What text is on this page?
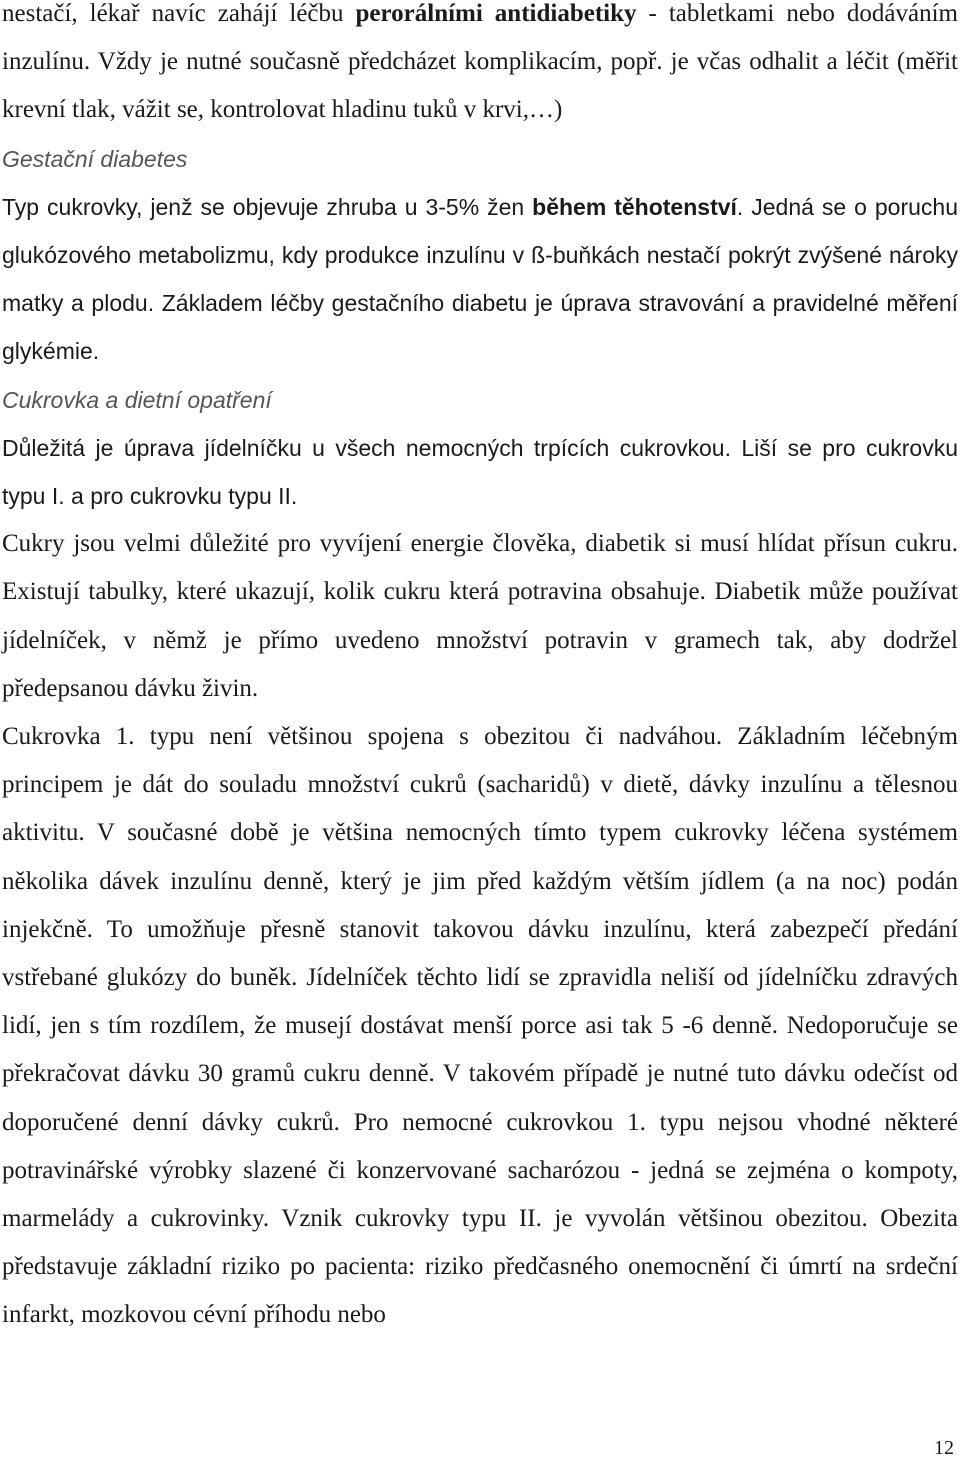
nestačí, lékař navíc zahájí léčbu perorálními antidiabetiky - tabletkami nebo dodáváním inzulínu. Vždy je nutné současně předcházet komplikacím, popř. je včas odhalit a léčit (měřit krevní tlak, vážit se, kontrolovat hladinu tuků v krvi,…)

Gestační diabetes

Typ cukrovky, jenž se objevuje zhruba u 3-5% žen během těhotenství. Jedná se o poruchu glukózového metabolizmu, kdy produkce inzulínu v ß-buňkách nestačí pokrýt zvýšené nároky matky a plodu. Základem léčby gestačního diabetu je úprava stravování a pravidelné měření glykémie.

Cukrovka a dietní opatření

Důležitá je úprava jídelníčku u všech nemocných trpících cukrovkou. Liší se pro cukrovku typu I. a pro cukrovku typu II.

Cukry jsou velmi důležité pro vyvíjení energie člověka, diabetik si musí hlídat přísun cukru. Existují tabulky, které ukazují, kolik cukru která potravina obsahuje. Diabetik může používat jídelníček, v němž je přímo uvedeno množství potravin v gramech tak, aby dodržel předepsanou dávku živin.

Cukrovka 1. typu není většinou spojena s obezitou či nadváhou. Základním léčebným principem je dát do souladu množství cukrů (sacharidů) v dietě, dávky inzulínu a tělesnou aktivitu. V současné době je většina nemocných tímto typem cukrovky léčena systémem několika dávek inzulínu denně, který je jim před každým větším jídlem (a na noc) podán injekčně. To umožňuje přesně stanovit takovou dávku inzulínu, která zabezpečí předání vstřebané glukózy do buněk. Jídelníček těchto lidí se zpravidla neliší od jídelníčku zdravých lidí, jen s tím rozdílem, že musejí dostávat menší porce asi tak 5 -6 denně. Nedoporučuje se překračovat dávku 30 gramů cukru denně. V takovém případě je nutné tuto dávku odečíst od doporučené denní dávky cukrů. Pro nemocné cukrovkou 1. typu nejsou vhodné některé potravinářské výrobky slazené či konzervované sacharózou - jedná se zejména o kompoty, marmelády a cukrovinky. Vznik cukrovky typu II. je vyvolán většinou obezitou. Obezita představuje základní riziko po pacienta: riziko předčasného onemocnění či úmrtí na srdeční infarkt, mozkovou cévní příhodu nebo

12
